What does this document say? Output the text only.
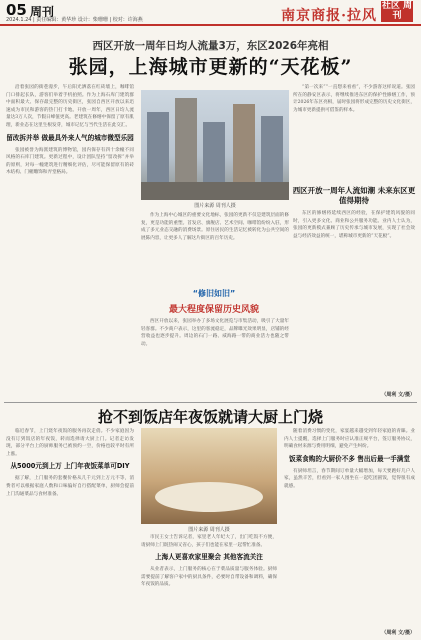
05 周刊
2024.1.24 | 责任编辑：黄华珍 设计：柴珊珊 | 校对：许海燕	南京商报·拉风
社区 周刊
西区开放一周年日均人流量3万，东区2026年亮相
张园，上海城市更新的“天花板”

沿着张园的街巷漫步，午后阳光洒落在红砖墙上，咖啡馆门口排起长队，游客们举着手机拍照。作为上海石库门建筑群中面积最大、保存最完整的历史街区，张园自西区开放以来迅速成为市民和游客的热门打卡地。开放一周年，西区日均人流量达3万人次，节假日峰值更高。老建筑在修缮中保留了原有肌理，新业态在这里生根发芽，城市记忆与当代生活在此交汇。

留改拆并举 做最具外来人气的城市微型乐园

张园被誉为海派建筑的博物馆，园内保存有四十余幢不同风格的石库门建筑。更新过程中，设计团队坚持“留改拆”并举的原则，对每一幢建筑进行精细化评估，尽可能保留原有的砖木结构、门楣雕饰和弄堂格局。

图片来源 周刊人摄

作为上海中心城区的重要文化地标，张园的更新不仅是建筑层面的修复，更是功能的重塑。首发店、旗舰店、艺术空间、咖啡馆纷纷入驻，形成了多元业态交融的消费场景。原住居民的生活记忆被转化为公共空间的展陈内容，让更多人了解这片街区的百年历史。

“修旧如旧”
最大程度保留历史风貌

西区开放以来，张园举办了多场文化展览与市集活动，吸引了大量年轻客群。不少商户表示，这里的客流稳定，品牌曝光效果明显，店铺的经营收益也逐步提升。周边的石门一路、威海路一带的商业活力也随之带动。

“第一次来”“一直想来看看”，不少游客这样说道。张园所在的静安区表示，将继续推进东区的保护性修缮工作，预计2026年东区亮相，届时张园将形成完整的历史文化街区，为城市更新提供可借鉴的样本。

西区开放一周年人流如潮 未来东区更值得期待

东区的修缮将延续西区的经验，在保护建筑风貌的同时，引入更多文化、商业和公共服务功能。业内人士认为，张园的更新模式兼顾了历史传承与城市发展，实现了社会效益与经济效益的统一，堪称城市更新的“天花板”。

（周利 文/摄）
抢不到饭店年夜饭就请大厨上门烧

临近春节，上门烧年夜饭的服务再次走俏。不少家庭因为没有订到饭店的年夜饭，转而选择请大厨上门。记者走访发现，部分平台上的厨师服务已被预约一空，价格也较平时有所上涨。

从5000元到上万 上门年夜饭菜单可DIY

据了解，上门服务的套餐价格从几千元到上万元不等，消费者可以根据家庭人数和口味偏好自行搭配菜单，厨师会提前上门沟通菜品与食材准备。

图片来源 周刊人摄

市民王女士告诉记者，家里老人年纪大了，出门吃饭不方便，请厨师上门既热闹又省心，孩子们也能在家里一起帮忙准备。

上海人更喜欢家里聚会 其他客流关注

从业者表示，上门服务的核心在于菜品质量与服务体验。厨师需要提前了解客户家中的厨具条件，必要时自带设备和调料，确保年夜饭的品质。

随着消费习惯的变化，家宴越来越受到年轻家庭的青睐。业内人士提醒，选择上门服务时应认准正规平台，签订服务协议，明确食材来源与费用明细，避免产生纠纷。

饭菜食购的大厨价不多 售出后最一手满堂

有厨师坦言，春节期间订单量大幅增加，每天要跑好几户人家，虽然辛苦，但看到一家人围坐在一起吃团圆饭，觉得很有成就感。

（周利 文/摄）
